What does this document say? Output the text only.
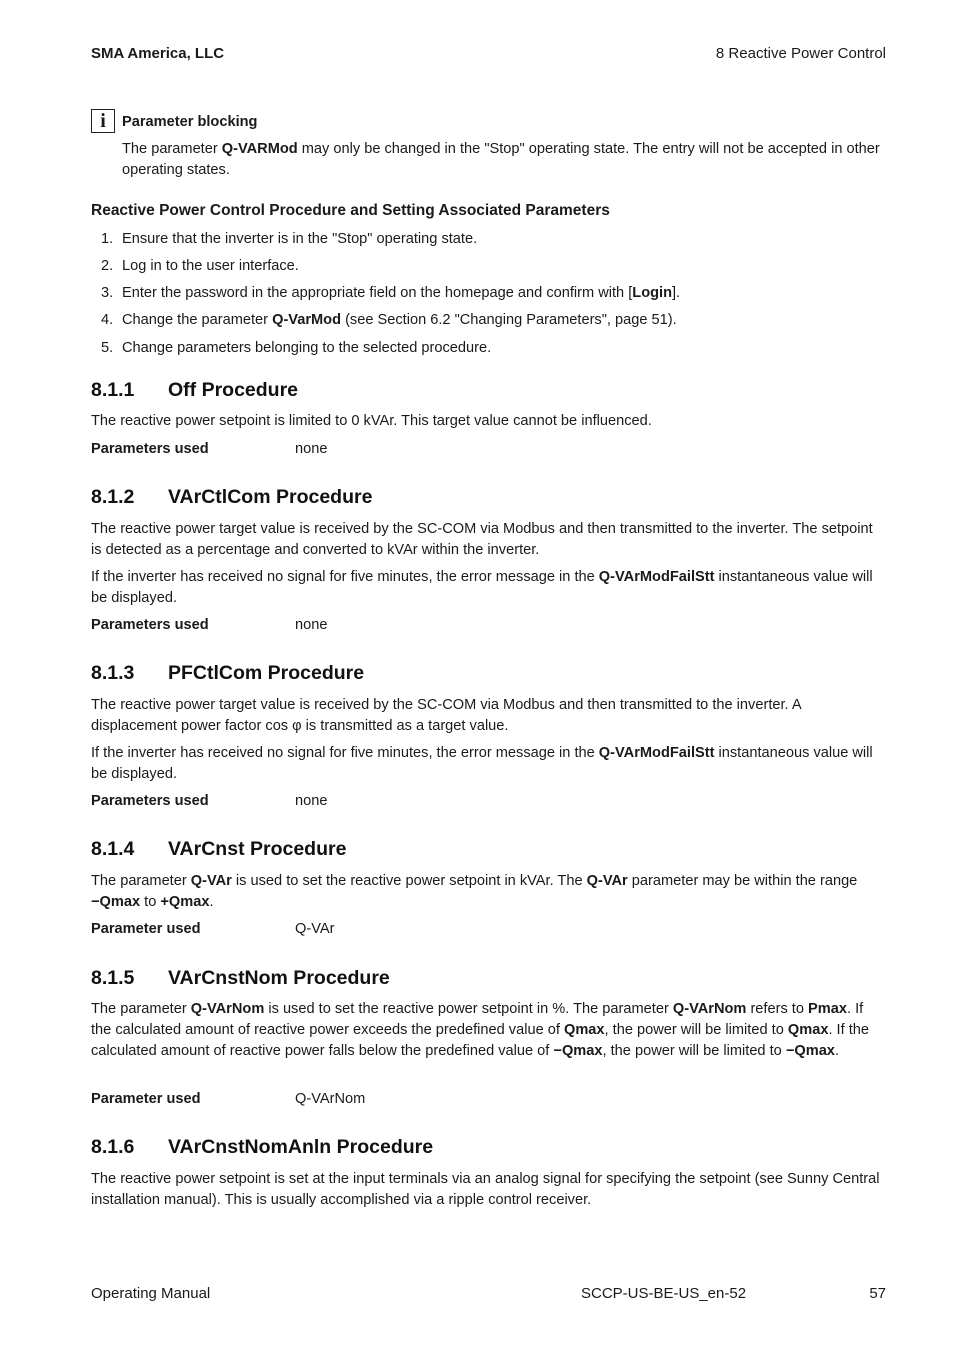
SMA America, LLC	8 Reactive Power Control
i	Parameter blocking
The parameter Q-VARMod may only be changed in the "Stop" operating state. The entry will not be accepted in other operating states.
Reactive Power Control Procedure and Setting Associated Parameters
1. Ensure that the inverter is in the "Stop" operating state.
2. Log in to the user interface.
3. Enter the password in the appropriate field on the homepage and confirm with [Login].
4. Change the parameter Q-VarMod (see Section 6.2 "Changing Parameters", page 51).
5. Change parameters belonging to the selected procedure.
8.1.1 Off Procedure
The reactive power setpoint is limited to 0 kVAr. This target value cannot be influenced.
Parameters used	none
8.1.2 VArCtlCom Procedure
The reactive power target value is received by the SC-COM via Modbus and then transmitted to the inverter. The setpoint is detected as a percentage and converted to kVAr within the inverter.
If the inverter has received no signal for five minutes, the error message in the Q-VArModFailStt instantaneous value will be displayed.
Parameters used	none
8.1.3 PFCtlCom Procedure
The reactive power target value is received by the SC-COM via Modbus and then transmitted to the inverter. A displacement power factor cos φ is transmitted as a target value.
If the inverter has received no signal for five minutes, the error message in the Q-VArModFailStt instantaneous value will be displayed.
Parameters used	none
8.1.4 VArCnst Procedure
The parameter Q-VAr is used to set the reactive power setpoint in kVAr. The Q-VAr parameter may be within the range −Qmax to +Qmax.
Parameter used	Q-VAr
8.1.5 VArCnstNom Procedure
The parameter Q-VArNom is used to set the reactive power setpoint in %. The parameter Q-VArNom refers to Pmax. If the calculated amount of reactive power exceeds the predefined value of Qmax, the power will be limited to Qmax. If the calculated amount of reactive power falls below the predefined value of −Qmax, the power will be limited to −Qmax.
Parameter used	Q-VArNom
8.1.6 VArCnstNomAnln Procedure
The reactive power setpoint is set at the input terminals via an analog signal for specifying the setpoint (see Sunny Central installation manual). This is usually accomplished via a ripple control receiver.
Operating Manual	SCCP-US-BE-US_en-52	57
